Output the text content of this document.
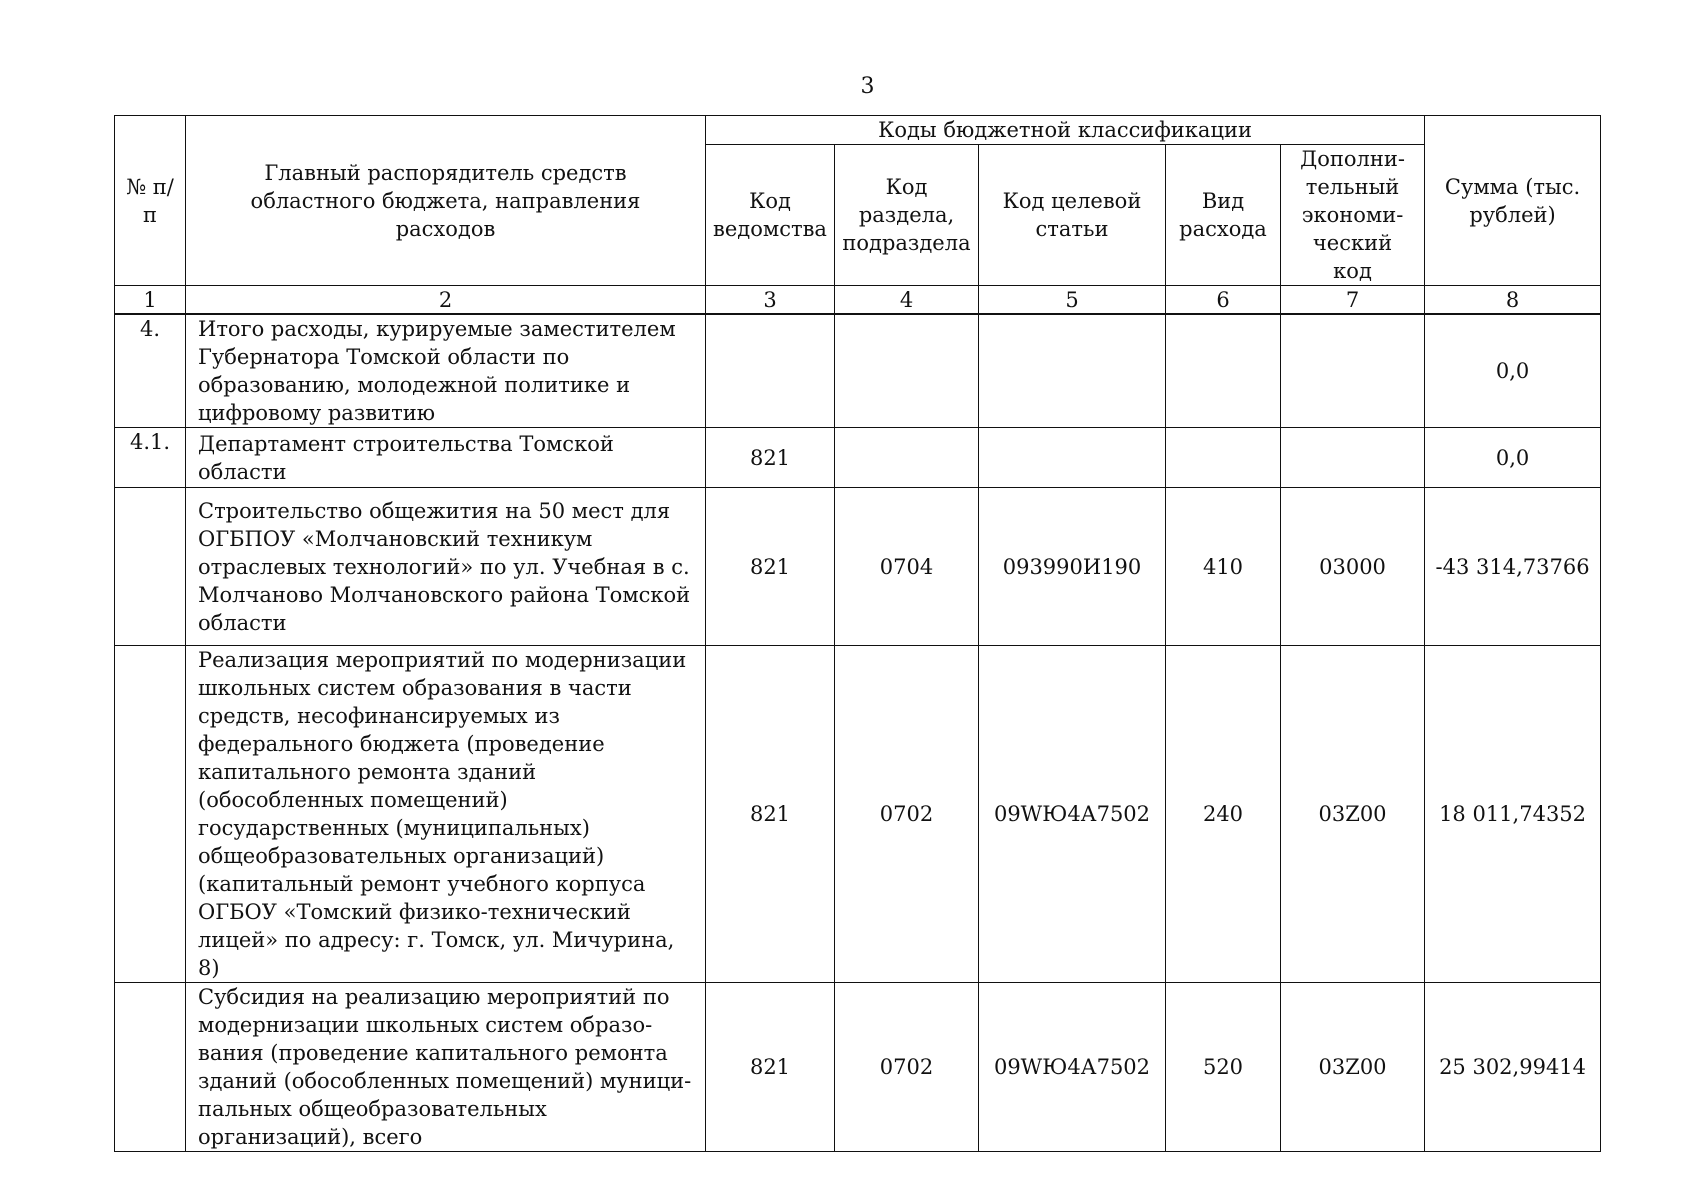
3
№ п/п	Главный распорядитель средств областного бюджета, направления расходов	Коды бюджетной классификации					Сумма (тыс. рублей)
		Код ведомства	Код раздела, подраздела	Код целевой статьи	Вид расхода	Дополни-тельный экономи-ческий код	
1	2	3	4	5	6	7	8
4.	Итого расходы, курируемые заместителем Губернатора Томской области по образованию, молодежной политике и цифровому развитию						0,0
4.1.	Департамент строительства Томской области	821					0,0
	Строительство общежития на 50 мест для ОГБПОУ «Молчановский техникум отраслевых технологий» по ул. Учебная в с. Молчаново Молчановского района Томской области	821	0704	093990И190	410	03000	-43 314,73766
	Реализация мероприятий по модернизации школьных систем образования в части средств, несофинансируемых из федерального бюджета (проведение капитального ремонта зданий (обособленных помещений) государственных (муниципальных) общеобразовательных организаций) (капитальный ремонт учебного корпуса ОГБОУ «Томский физико-технический лицей» по адресу: г. Томск, ул. Мичурина, 8)	821	0702	09WЮ4А7502	240	03Z00	18 011,74352
	Субсидия на реализацию мероприятий по модернизации школьных систем образо-вания (проведение капитального ремонта зданий (обособленных помещений) муници-пальных общеобразовательных организаций), всего	821	0702	09WЮ4А7502	520	03Z00	25 302,99414
